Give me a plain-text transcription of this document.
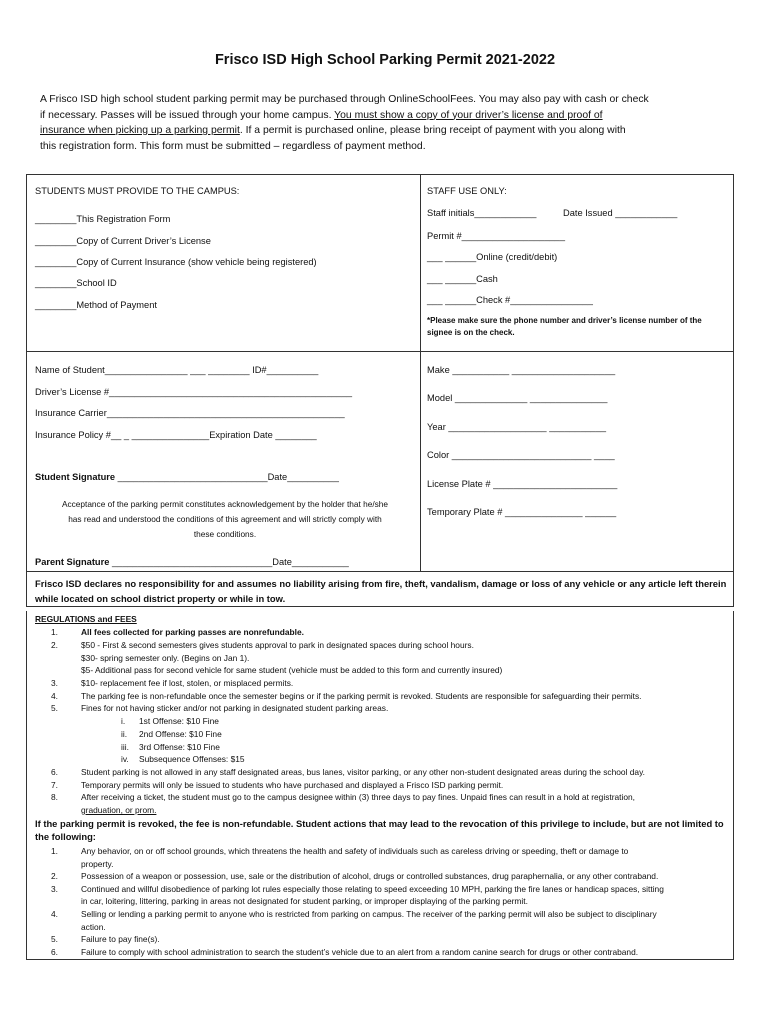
Frisco ISD High School Parking Permit 2021-2022
A Frisco ISD high school student parking permit may be purchased through OnlineSchoolFees. You may also pay with cash or check
if necessary. Passes will be issued through your home campus. You must show a copy of your driver’s license and proof of
insurance when picking up a parking permit. If a permit is purchased online, please bring receipt of payment with you along with
this registration form. This form must be submitted – regardless of payment method.
STUDENTS MUST PROVIDE TO THE CAMPUS:
________This Registration Form
________Copy of Current Driver’s License
________Copy of Current Insurance (show vehicle being registered)
________School ID
________Method of Payment
STAFF USE ONLY:
Staff initials____________	Date Issued ____________
Permit #____________________
___ ______Online (credit/debit)
___ ______Cash
___ ______Check #________________
*Please make sure the phone number and driver’s license number of the signee is on the check.
Name of Student________________ ___ ________ ID#__________
Driver’s License #_______________________________________________
Insurance Carrier______________________________________________
Insurance Policy #__ _ _______________Expiration Date ________
Student Signature _____________________________Date__________
Acceptance of the parking permit constitutes acknowledgement by the holder that he/she has read and understood the conditions of this agreement and will strictly comply with these conditions.
Parent Signature _______________________________Date___________
Make ___________ ____________________
Model ______________ _______________
Year ___________________ ___________
Color ___________________________ ____
License Plate # ________________________
Temporary Plate # _______________ ______
Frisco ISD declares no responsibility for and assumes no liability arising from fire, theft, vandalism, damage or loss of any vehicle or any article left therein while located on school district property or while in tow.
REGULATIONS and FEES
1.	All fees collected for parking passes are nonrefundable.
2.	$50 - First & second semesters gives students approval to park in designated spaces during school hours.
$30- spring semester only. (Begins on Jan 1).
$5- Additional pass for second vehicle for same student (vehicle must be added to this form and currently insured)
3.	$10- replacement fee if lost, stolen, or misplaced permits.
4.	The parking fee is non-refundable once the semester begins or if the parking permit is revoked. Students are responsible for safeguarding their permits.
5.	Fines for not having sticker and/or not parking in designated student parking areas.
i. 1st Offense: $10 Fine
ii. 2nd Offense: $10 Fine
iii. 3rd Offense: $10 Fine
iv. Subsequence Offenses: $15
6.	Student parking is not allowed in any staff designated areas, bus lanes, visitor parking, or any other non-student designated areas during the school day.
7.	Temporary permits will only be issued to students who have purchased and displayed a Frisco ISD parking permit.
8.	After receiving a ticket, the student must go to the campus designee within (3) three days to pay fines. Unpaid fines can result in a hold at registration,
graduation, or prom.
If the parking permit is revoked, the fee is non-refundable. Student actions that may lead to the revocation of this privilege to include, but are not limited to the following:
1.	Any behavior, on or off school grounds, which threatens the health and safety of individuals such as careless driving or speeding, theft or damage to
property.
2.	Possession of a weapon or possession, use, sale or the distribution of alcohol, drugs or controlled substances, drug paraphernalia, or any other contraband.
3.	Continued and willful disobedience of parking lot rules especially those relating to speed exceeding 10 MPH, parking the fire lanes or handicap spaces, sitting
in car, loitering, littering, parking in areas not designated for student parking, or improper displaying of the parking permit.
4.	Selling or lending a parking permit to anyone who is restricted from parking on campus. The receiver of the parking permit will also be subject to disciplinary
action.
5.	Failure to pay fine(s).
6.	Failure to comply with school administration to search the student’s vehicle due to an alert from a random canine search for drugs or other contraband.
